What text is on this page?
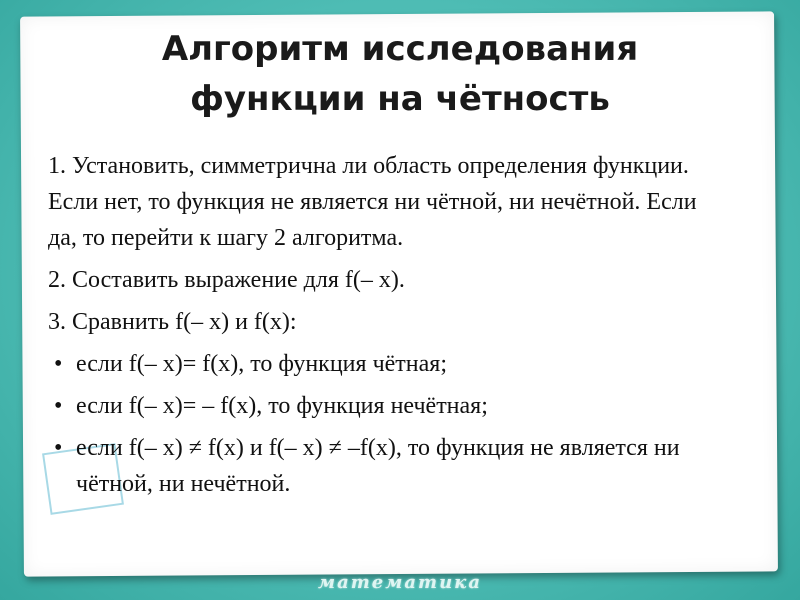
Алгоритм исследования
функции на чётность

1. Установить, симметрична ли область определения функции. Если нет, то функция не является ни чётной, ни нечётной. Если да, то перейти к шагу 2 алгоритма.

2. Составить выражение для f(– x).

3. Сравнить f(– x) и f(x):

• если f(– x)= f(x), то функция чётная;
• если f(– x)= – f(x), то функция нечётная;
• если f(– x) ≠ f(x) и f(– x) ≠ –f(x), то функция не является ни чётной, ни нечётной.
математика
